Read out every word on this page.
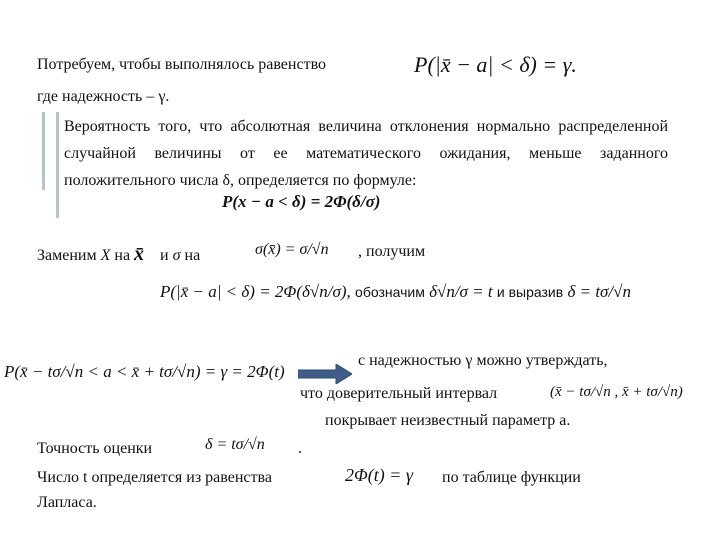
Потребуем, чтобы выполнялось равенство	P(|x̄ − a| < δ) = γ.
где надежность – γ.
Вероятность того, что абсолютная величина отклонения нормально распределенной случайной величины от ее математического ожидания, меньше заданного положительного числа δ, определяется по формуле:
P(x − a < δ) = 2Φ(δ/σ)
Заменим X на x̄ и σ на	σ(x̄) = σ/√n , получим
P(|x̄ − a| < δ) = 2Φ(δ√n/σ), обозначим δ√n/σ = t и выразив δ = tσ/√n
P(x̄ − tσ/√n < a < x̄ + tσ/√n) = γ = 2Φ(t)
с надежностью γ можно утверждать,
что доверительный интервал	(x̄ − tσ/√n , x̄ + tσ/√n)
покрывает неизвестный параметр a.
Точность оценки	δ = tσ/√n .
Число t определяется из равенства	2Φ(t) = γ по таблице функции
Лапласа.
